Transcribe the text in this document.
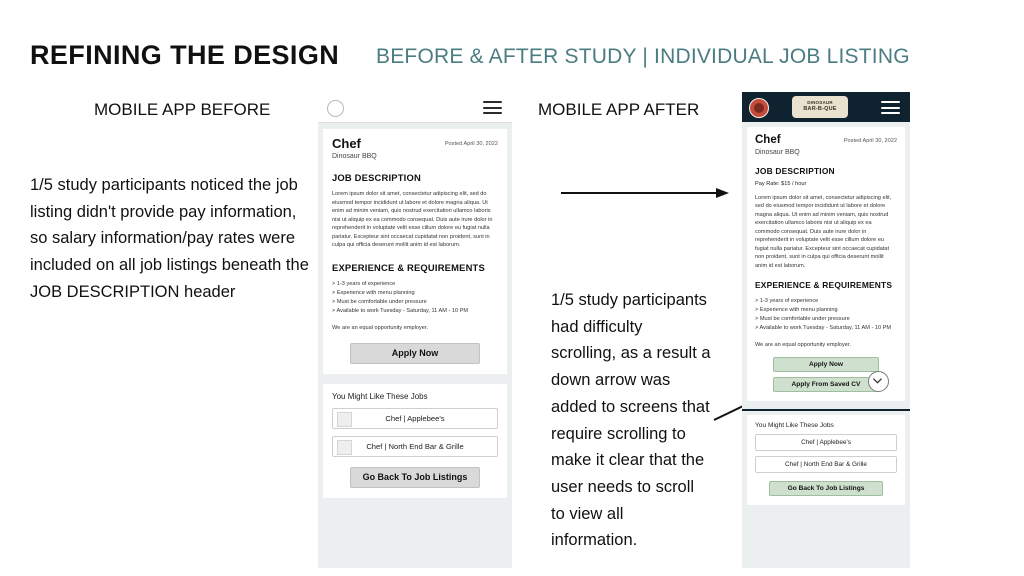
REFINING THE DESIGN BEFORE & AFTER STUDY | INDIVIDUAL JOB LISTING
MOBILE APP BEFORE	MOBILE APP AFTER
1/5 study participants noticed the job listing didn't provide pay information, so salary information/pay rates were included on all job listings beneath the JOB DESCRIPTION header	1/5 study participants had difficulty scrolling, as a result a down arrow was added to screens that require scrolling to make it clear that the user needs to scroll to view all information.
Posted April 30, 2022
Chef
Dinosaur BBQ
JOB DESCRIPTION
Lorem ipsum dolor sit amet, consectetur adipiscing elit, sed do eiusmod tempor incididunt ut labore et dolore magna aliqua. Ut enim ad minim veniam, quis nostrud exercitation ullamco laboris nisi ut aliquip ex ea commodo consequat. Duis aute irure dolor in reprehenderit in voluptate velit esse cillum dolore eu fugiat nulla pariatur. Excepteur sint occaecat cupidatat non proident, sunt in culpa qui officia deserunt mollit anim id est laborum.
EXPERIENCE & REQUIREMENTS
> 1-3 years of experience
> Experience with menu planning
> Must be comfortable under pressure
> Available to work Tuesday - Saturday, 11 AM - 10 PM
We are an equal opportunity employer.
Apply Now
You Might Like These Jobs
Chef | Applebee's
Chef | North End Bar & Grille
Go Back To Job Listings
DINOSAUR
BAR-B-QUE
Posted April 30, 2022
Chef
Dinosaur BBQ
JOB DESCRIPTION
Pay Rate: $15 / hour
Lorem ipsum dolor sit amet, consectetur adipiscing elit, sed do eiusmod tempor incididunt ut labore et dolore magna aliqua. Ut enim ad minim veniam, quis nostrud exercitation ullamco laboris nisi ut aliquip ex ea commodo consequat. Duis aute irure dolor in reprehenderit in voluptate velit esse cillum dolore eu fugiat nulla pariatur. Excepteur sint occaecat cupidatat non proident, sunt in culpa qui officia deserunt mollit anim id est laborum.
EXPERIENCE & REQUIREMENTS
> 1-3 years of experience
> Experience with menu planning
> Must be comfortable under pressure
> Available to work Tuesday - Saturday, 11 AM - 10 PM
We are an equal opportunity employer.
Apply Now
Apply From Saved CV
You Might Like These Jobs
Chef | Applebee's
Chef | North End Bar & Grille
Go Back To Job Listings
